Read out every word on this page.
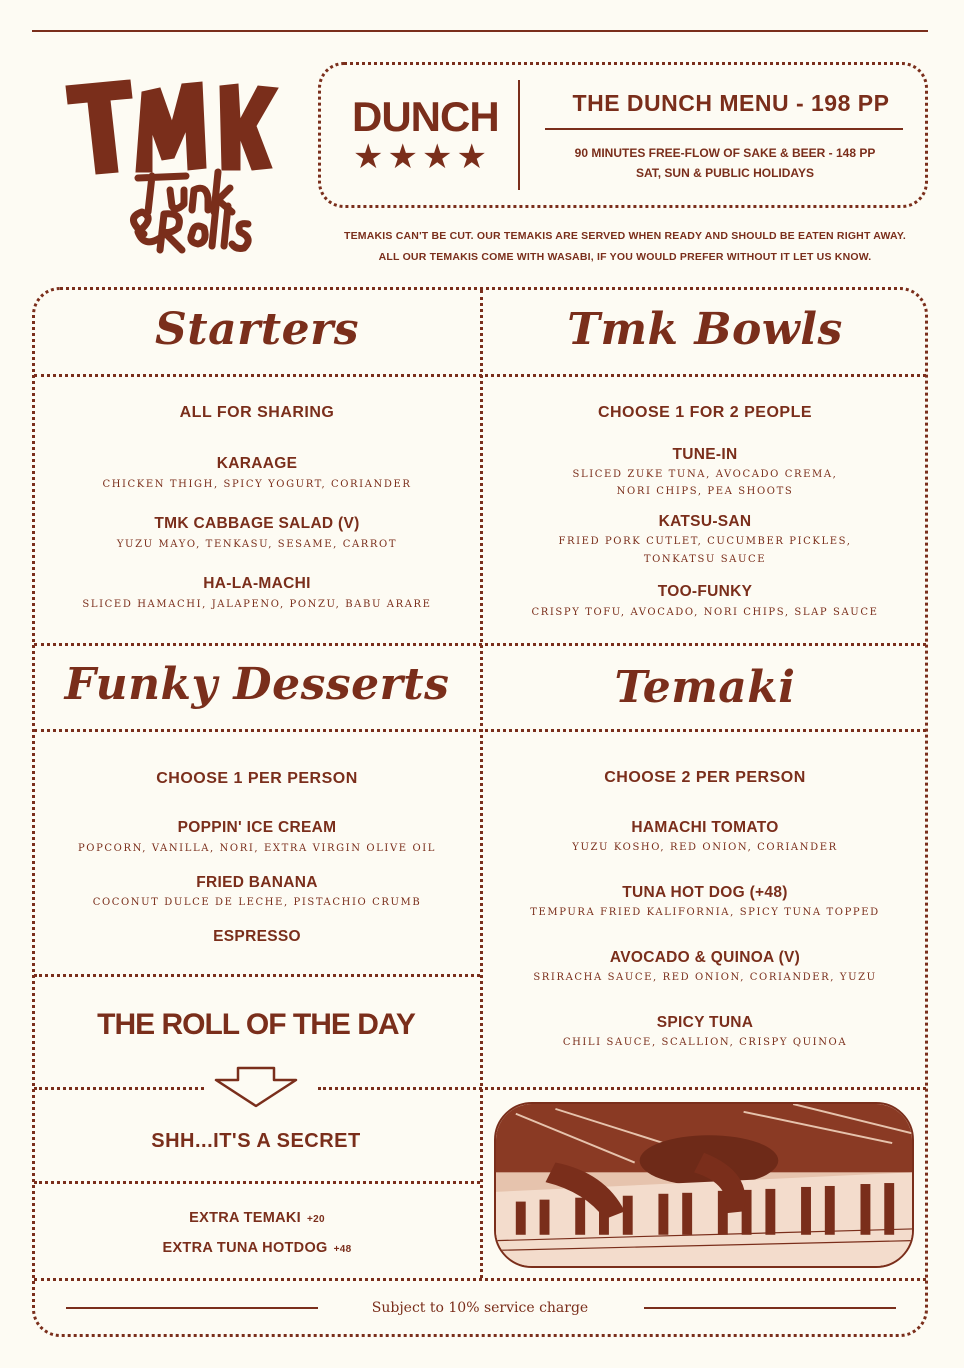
DUNCH
★★★★
THE DUNCH MENU - 198 PP
90 MINUTES FREE-FLOW OF SAKE & BEER - 148 PP
SAT, SUN & PUBLIC HOLIDAYS
TEMAKIS CAN'T BE CUT. OUR TEMAKIS ARE SERVED WHEN READY AND SHOULD BE EATEN RIGHT AWAY.
ALL OUR TEMAKIS COME WITH WASABI, IF YOU WOULD PREFER WITHOUT IT LET US KNOW.
Starters
ALL FOR SHARING
KARAAGE
CHICKEN THIGH, SPICY YOGURT, CORIANDER
TMK CABBAGE SALAD (V)
YUZU MAYO, TENKASU, SESAME, CARROT
HA-LA-MACHI
SLICED HAMACHI, JALAPENO, PONZU, BABU ARARE
Tmk Bowls
CHOOSE 1 FOR 2 PEOPLE
TUNE-IN
SLICED ZUKE TUNA, AVOCADO CREMA,
NORI CHIPS, PEA SHOOTS
KATSU-SAN
FRIED PORK CUTLET, CUCUMBER PICKLES,
TONKATSU SAUCE
TOO-FUNKY
CRISPY TOFU, AVOCADO, NORI CHIPS, SLAP SAUCE
Funky Desserts
CHOOSE 1 PER PERSON
POPPIN' ICE CREAM
POPCORN, VANILLA, NORI, EXTRA VIRGIN OLIVE OIL
FRIED BANANA
COCONUT DULCE DE LECHE, PISTACHIO CRUMB
ESPRESSO
Temaki
CHOOSE 2 PER PERSON
HAMACHI TOMATO
YUZU KOSHO, RED ONION, CORIANDER
TUNA HOT DOG (+48)
TEMPURA FRIED KALIFORNIA, SPICY TUNA TOPPED
AVOCADO & QUINOA (V)
SRIRACHA SAUCE, RED ONION, CORIANDER, YUZU
SPICY TUNA
CHILI SAUCE, SCALLION, CRISPY QUINOA
THE ROLL OF THE DAY
SHH...IT'S A SECRET
EXTRA TEMAKI +20
EXTRA TUNA HOTDOG +48
Subject to 10% service charge
